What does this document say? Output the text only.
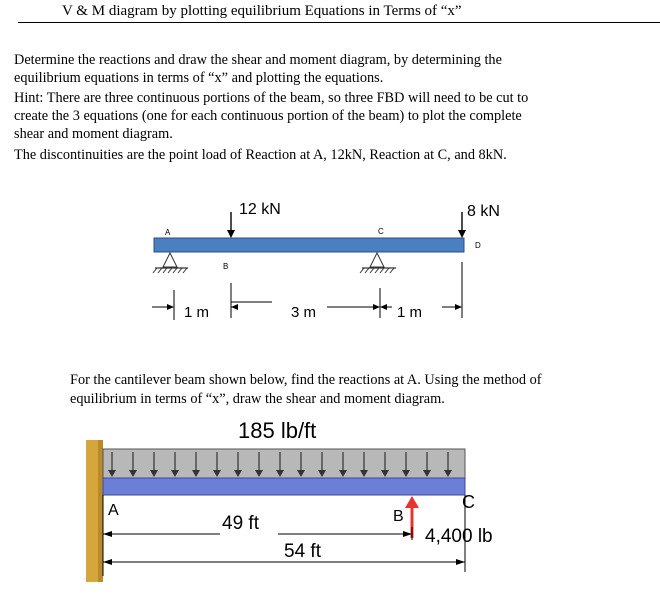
V & M diagram by plotting equilibrium Equations in Terms of “x”
Determine the reactions and draw the shear and moment diagram, by determining the
equilibrium equations in terms of “x” and plotting the equations.
Hint: There are three continuous portions of the beam, so three FBD will need to be cut to
create the 3 equations (one for each continuous portion of the beam) to plot the complete
shear and moment diagram.
The discontinuities are the point load of Reaction at A, 12kN, Reaction at C, and 8kN.
12 kN	8 kN
A
B
C
D
1 m	3 m	1 m
For the cantilever beam shown below, find the reactions at A. Using the method of
equilibrium in terms of “x”, draw the shear and moment diagram.
185 lb/ft
A	B
C
4,400 lb
49 ft
54 ft
